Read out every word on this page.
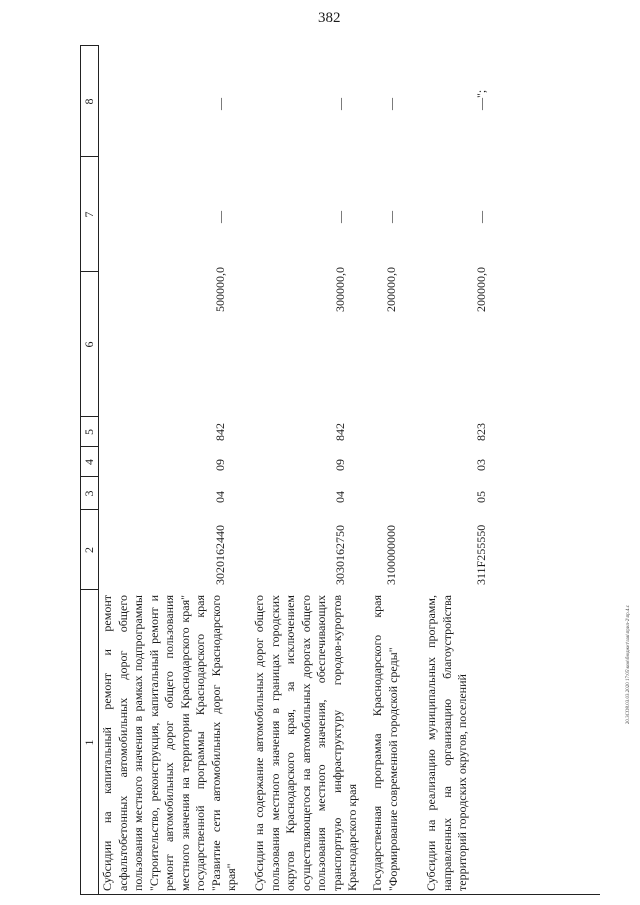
382
20.3CO8.03.03.2020 17:05\ком\бюджет\зак\прил-2\пр.4.с
1
2
3
4
5
6
7
8
Субсидии на капитальный ремонт и ремонт асфальтобетонных автомобильных дорог общего пользования местного значения в рамках подпрограммы "Строительство, реконструкция, капитальный ремонт и ремонт автомобильных дорог общего пользования местного значения на территории Краснодарского края" государственной программы Краснодарского края "Развитие сети автомобильных дорог Краснодарского края"
3020162440
04
09
842
500000,0
—
—
Субсидии на содержание автомобильных дорог общего пользования местного значения в границах городских округов Краснодарского края, за исключением осуществляющегося на автомобильных дорогах общего пользования местного значения, обеспечивающих транспортную инфраструктуру городов-курортов Краснодарского края
3030162750
04
09
842
300000,0
—
—
Государственная программа Краснодарского края "Формирование современной городской среды"
3100000000
200000,0
—
—
Субсидии на реализацию муниципальных программ, направленных на организацию благоустройства территорий городских округов, поселений
311F255550
05
03
823
200000,0
—
—";
